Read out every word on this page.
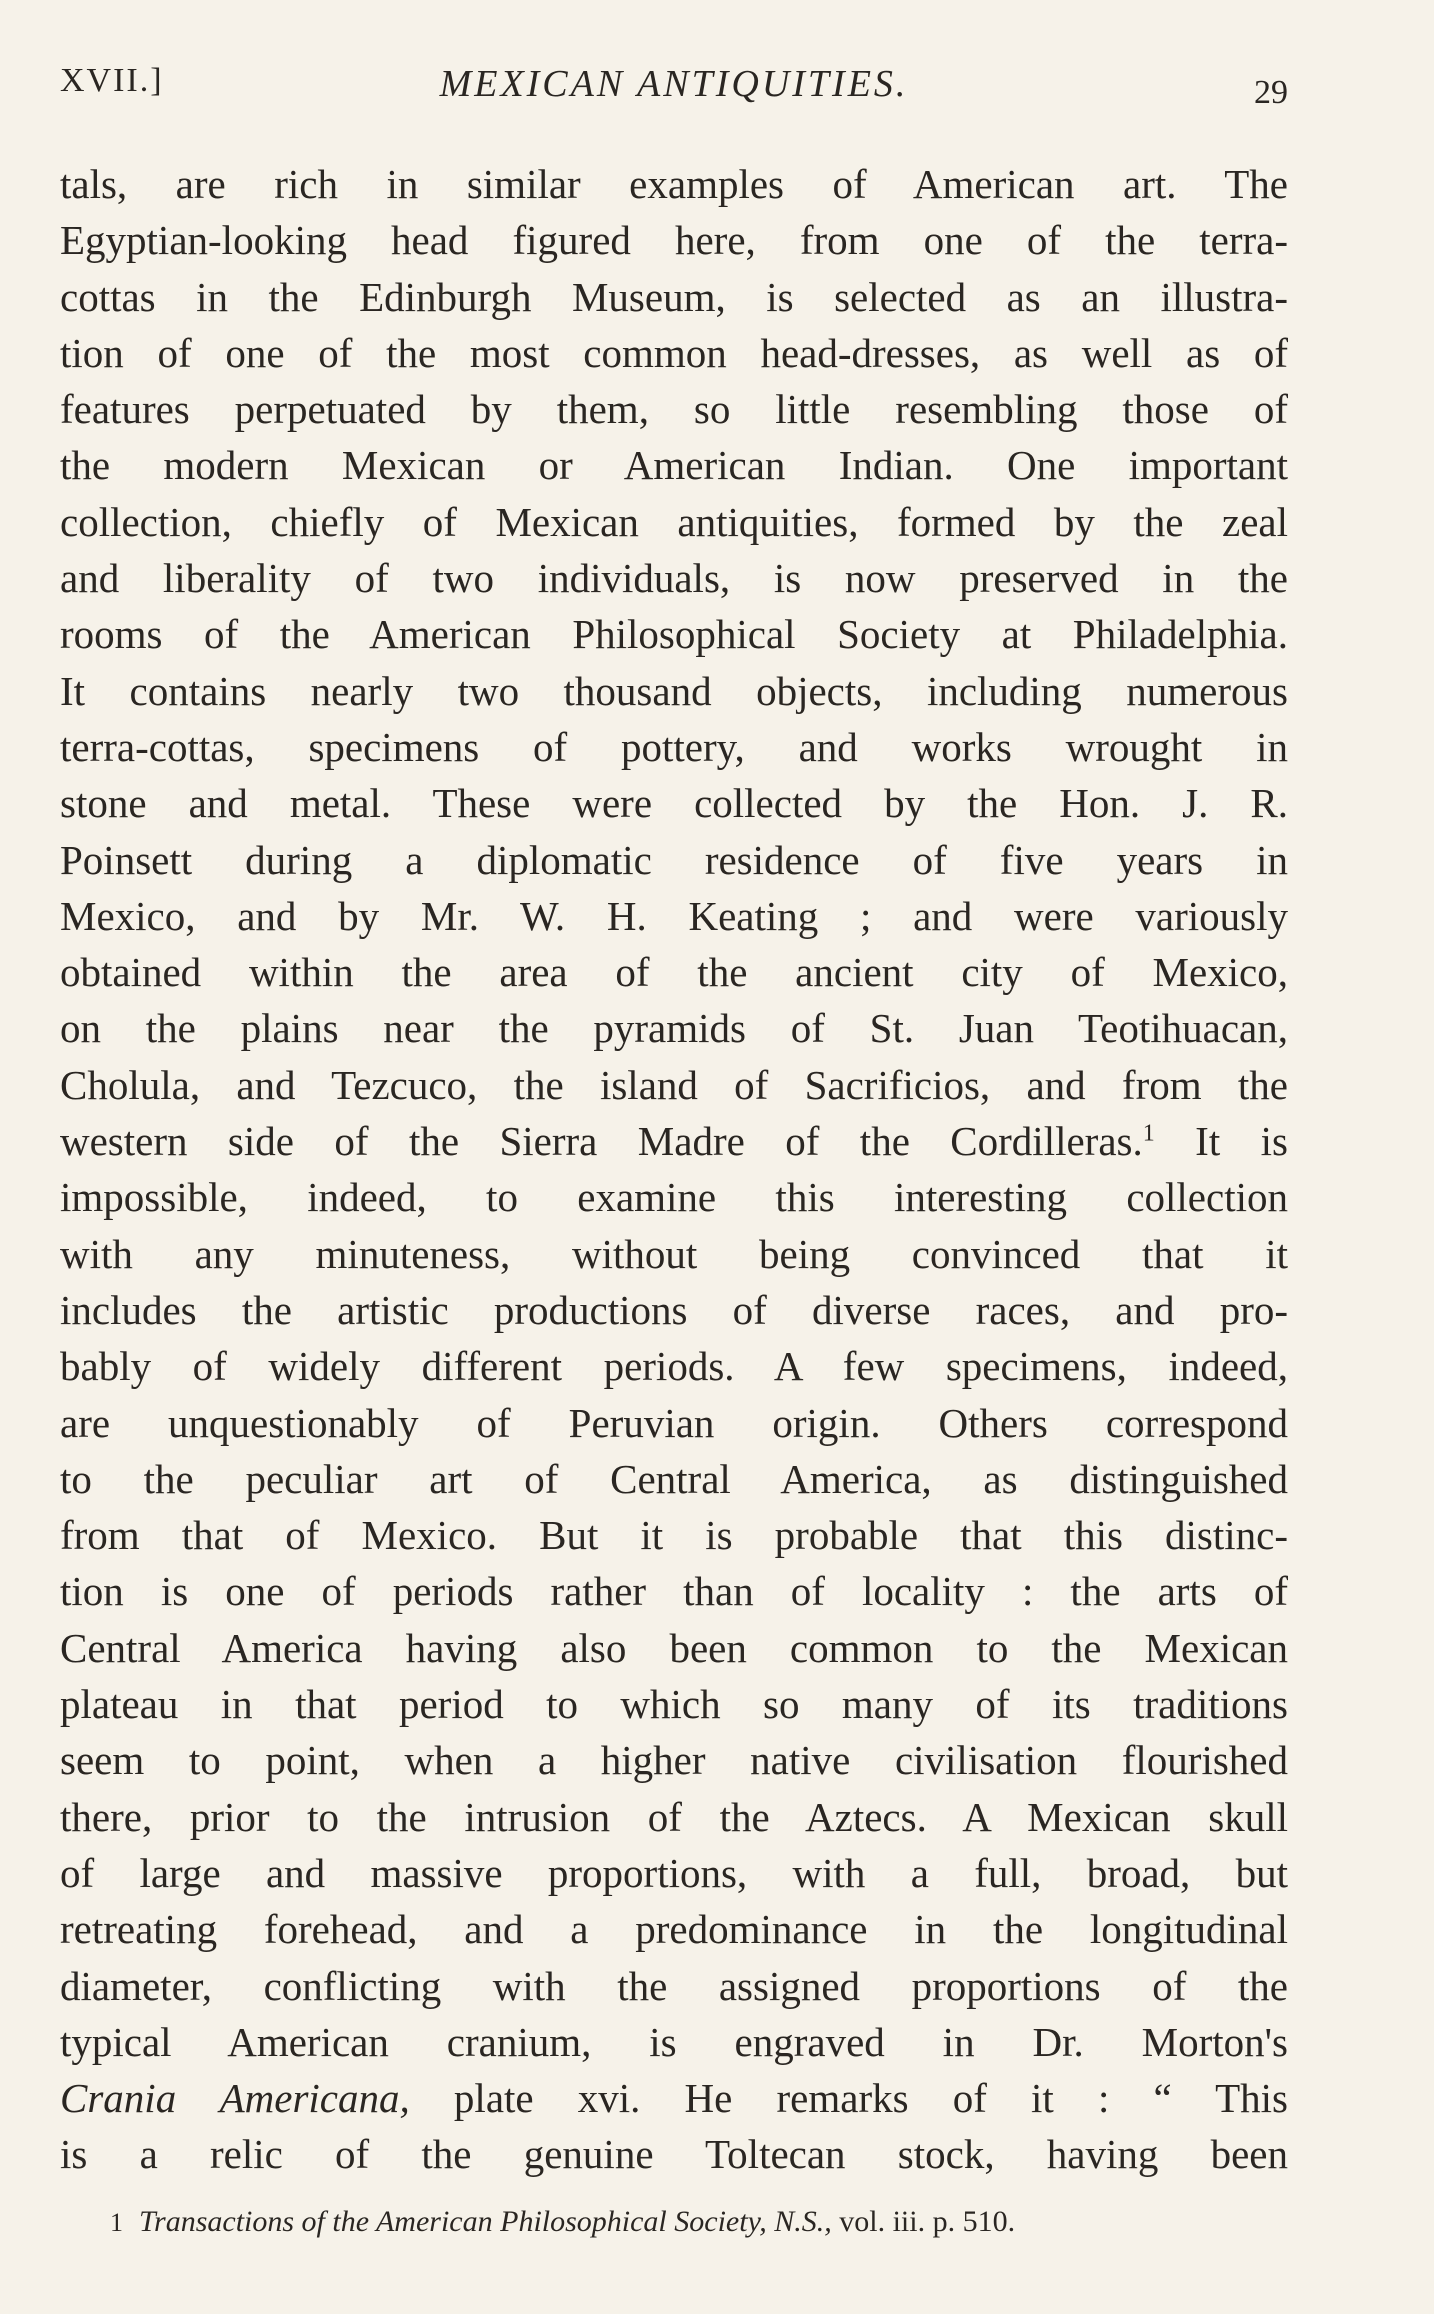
XVII.]	MEXICAN ANTIQUITIES.	29
tals, are rich in similar examples of American art. The
Egyptian-looking head figured here, from one of the terra-
cottas in the Edinburgh Museum, is selected as an illustra-
tion of one of the most common head-dresses, as well as of
features perpetuated by them, so little resembling those of
the modern Mexican or American Indian. One important
collection, chiefly of Mexican antiquities, formed by the zeal
and liberality of two individuals, is now preserved in the
rooms of the American Philosophical Society at Philadelphia.
It contains nearly two thousand objects, including numerous
terra-cottas, specimens of pottery, and works wrought in
stone and metal. These were collected by the Hon. J. R.
Poinsett during a diplomatic residence of five years in
Mexico, and by Mr. W. H. Keating ; and were variously
obtained within the area of the ancient city of Mexico,
on the plains near the pyramids of St. Juan Teotihuacan,
Cholula, and Tezcuco, the island of Sacrificios, and from the
western side of the Sierra Madre of the Cordilleras.$^1$ It is
impossible, indeed, to examine this interesting collection
with any minuteness, without being convinced that it
includes the artistic productions of diverse races, and pro-
bably of widely different periods. A few specimens, indeed,
are unquestionably of Peruvian origin. Others correspond
to the peculiar art of Central America, as distinguished
from that of Mexico. But it is probable that this distinc-
tion is one of periods rather than of locality : the arts of
Central America having also been common to the Mexican
plateau in that period to which so many of its traditions
seem to point, when a higher native civilisation flourished
there, prior to the intrusion of the Aztecs. A Mexican skull
of large and massive proportions, with a full, broad, but
retreating forehead, and a predominance in the longitudinal
diameter, conflicting with the assigned proportions of the
typical American cranium, is engraved in Dr. Morton's
Crania Americana, plate xvi. He remarks of it : “ This
is a relic of the genuine Toltecan stock, having been
1 Transactions of the American Philosophical Society, N.S., vol. iii. p. 510.
